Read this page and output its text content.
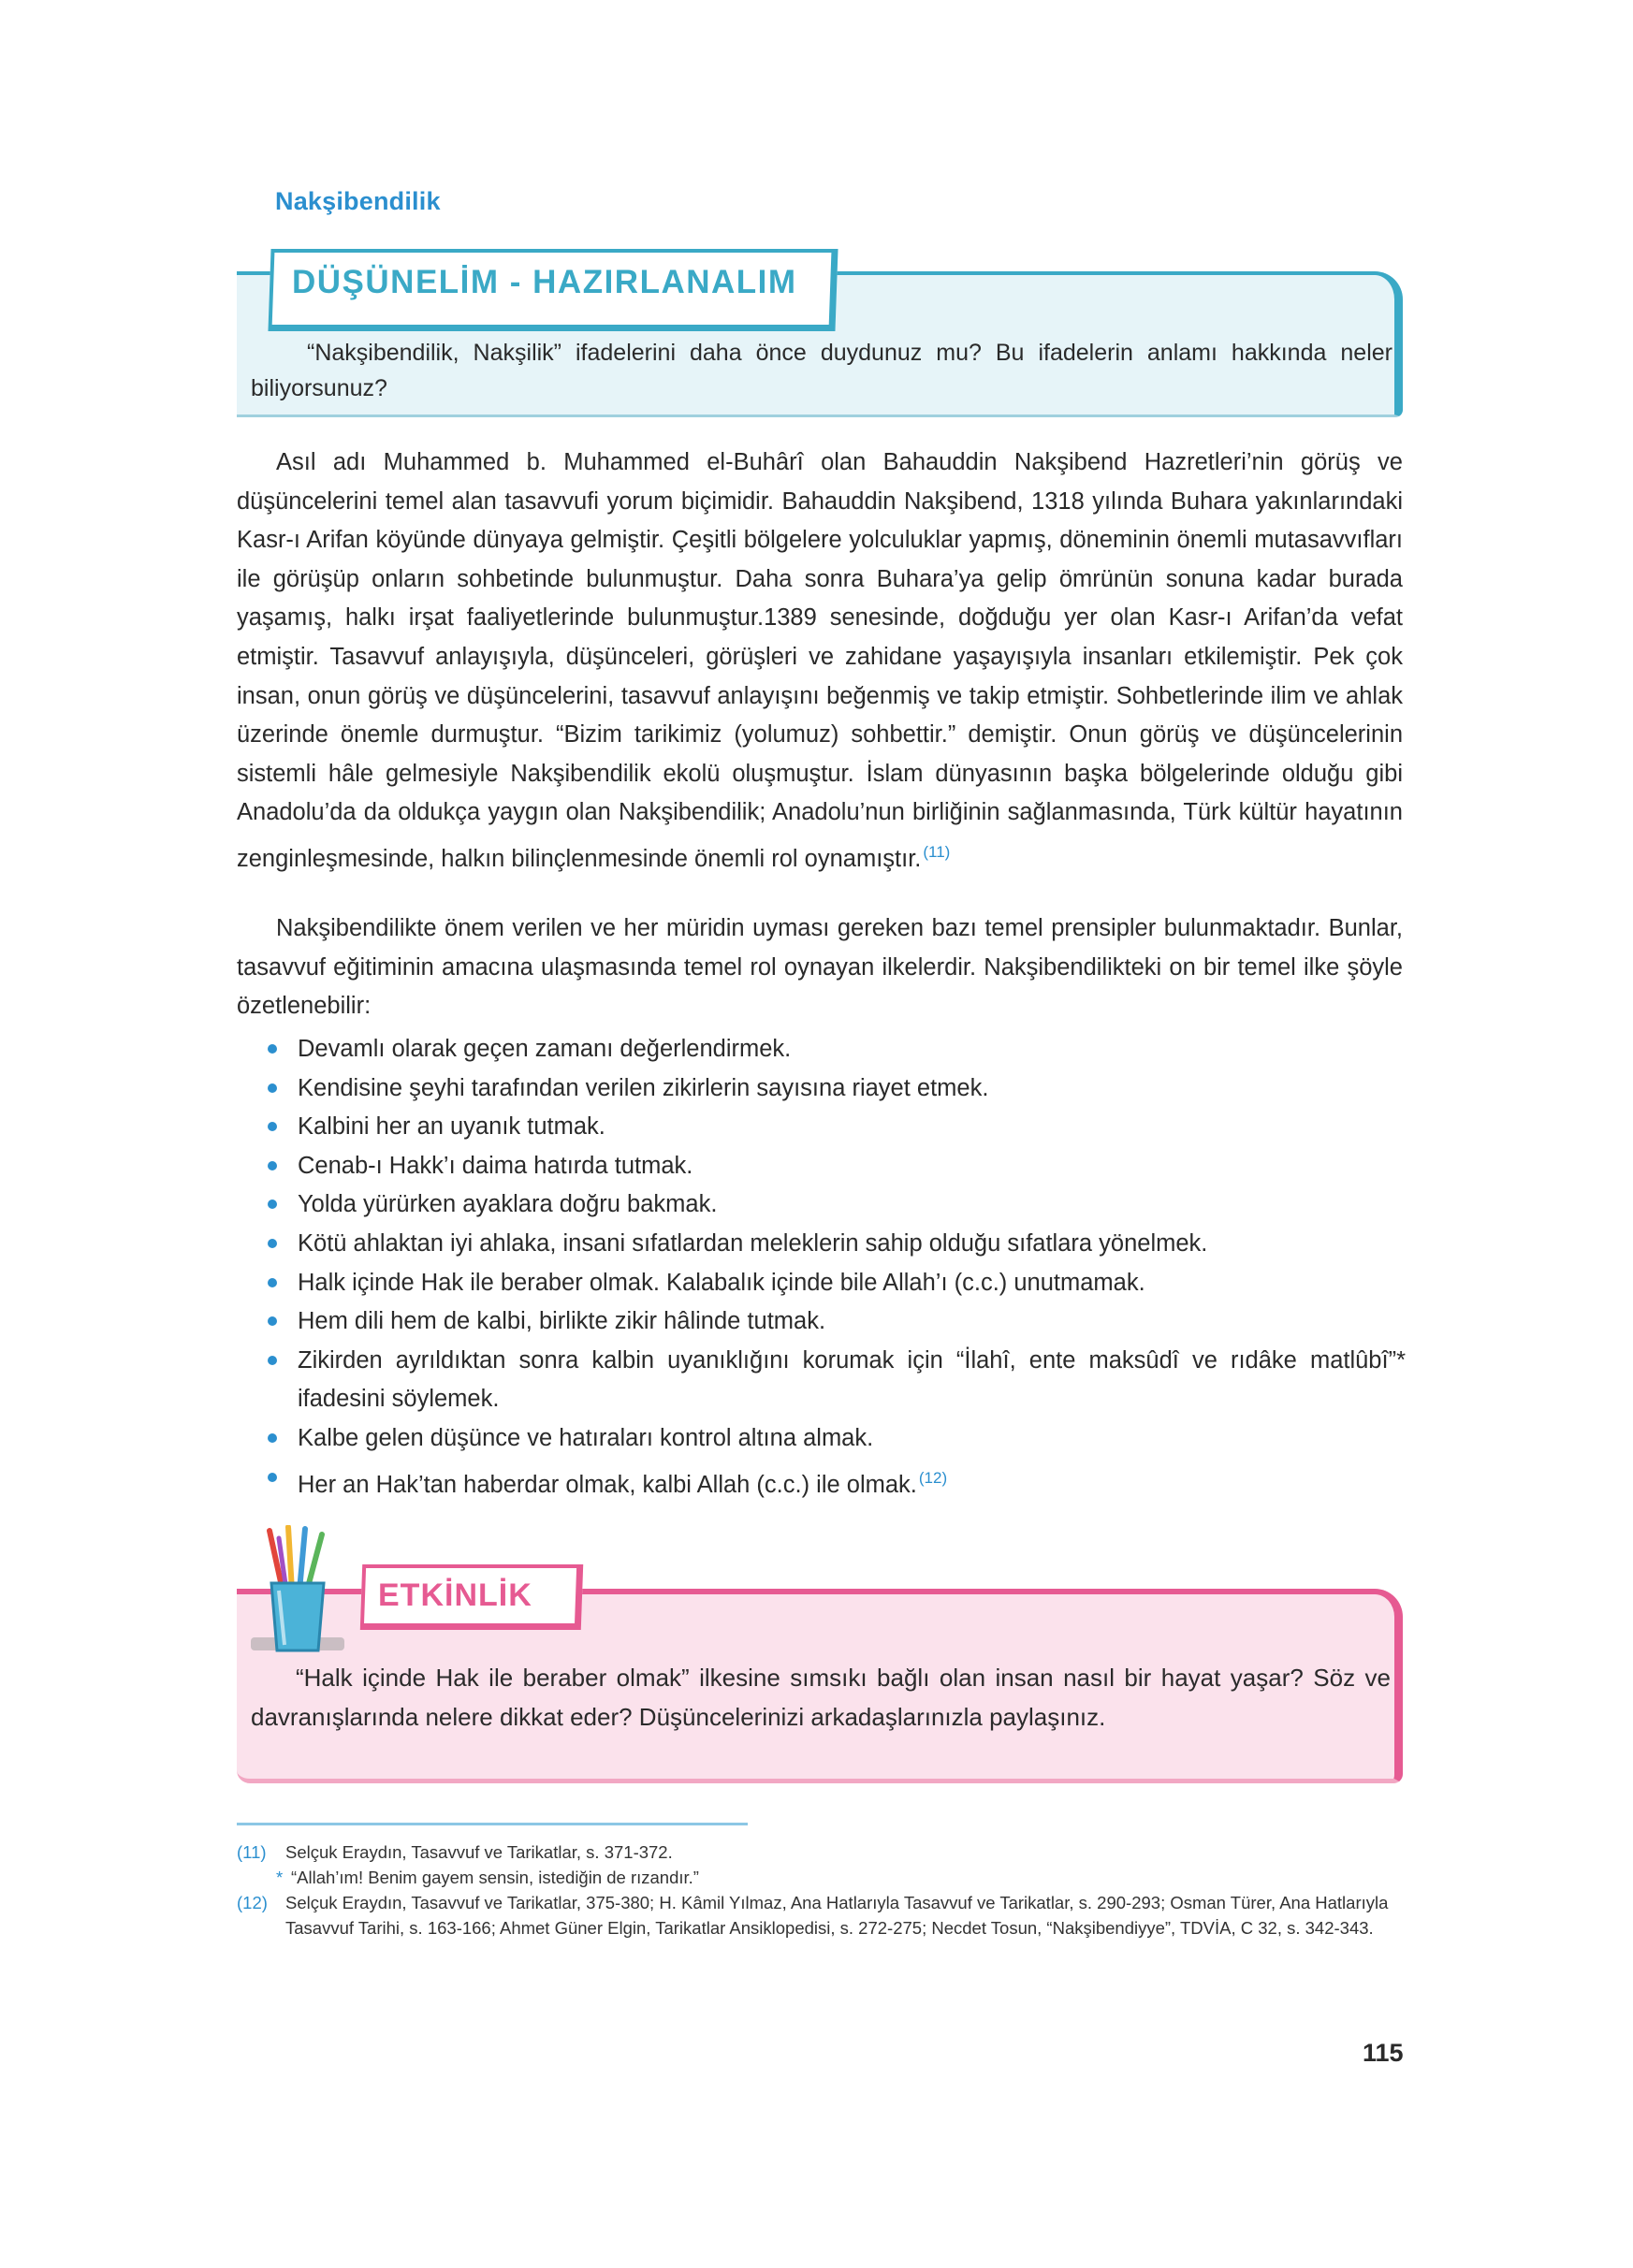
Nakşibendilik
DÜŞÜNELİM - HAZIRLANALIM
“Nakşibendilik, Nakşilik” ifadelerini daha önce duydunuz mu? Bu ifadelerin anlamı hakkında neler biliyorsunuz?
Asıl adı Muhammed b. Muhammed el-Buhârî olan Bahauddin Nakşibend Hazretleri’nin görüş ve düşüncelerini temel alan tasavvufi yorum biçimidir. Bahauddin Nakşibend, 1318 yılında Buhara yakınlarındaki Kasr-ı Arifan köyünde dünyaya gelmiştir. Çeşitli bölgelere yolculuklar yapmış, döneminin önemli mutasavvıfları ile görüşüp onların sohbetinde bulunmuştur. Daha sonra Buhara’ya gelip ömrünün sonuna kadar burada yaşamış, halkı irşat faaliyetlerinde bulunmuştur.1389 senesinde, doğduğu yer olan Kasr-ı Arifan’da vefat etmiştir. Tasavvuf anlayışıyla, düşünceleri, görüşleri ve zahidane yaşayışıyla insanları etkilemiştir. Pek çok insan, onun görüş ve düşüncelerini, tasavvuf anlayışını beğenmiş ve takip etmiştir. Sohbetlerinde ilim ve ahlak üzerinde önemle durmuştur. “Bizim tarikimiz (yolumuz) sohbettir.” demiştir. Onun görüş ve düşüncelerinin sistemli hâle gelmesiyle Nakşibendilik ekolü oluşmuştur. İslam dünyasının başka bölgelerinde olduğu gibi Anadolu’da da oldukça yaygın olan Nakşibendilik; Anadolu’nun birliğinin sağlanmasında, Türk kültür hayatının zenginleşmesinde, halkın bilinçlenmesinde önemli rol oynamıştır. $^{(11)}$
Nakşibendilikte önem verilen ve her müridin uyması gereken bazı temel prensipler bulunmaktadır. Bunlar, tasavvuf eğitiminin amacına ulaşmasında temel rol oynayan ilkelerdir. Nakşibendilikteki on bir temel ilke şöyle özetlenebilir:
Devamlı olarak geçen zamanı değerlendirmek.
Kendisine şeyhi tarafından verilen zikirlerin sayısına riayet etmek.
Kalbini her an uyanık tutmak.
Cenab-ı Hakk’ı daima hatırda tutmak.
Yolda yürürken ayaklara doğru bakmak.
Kötü ahlaktan iyi ahlaka, insani sıfatlardan meleklerin sahip olduğu sıfatlara yönelmek.
Halk içinde Hak ile beraber olmak. Kalabalık içinde bile Allah’ı (c.c.) unutmamak.
Hem dili hem de kalbi, birlikte zikir hâlinde tutmak.
Zikirden ayrıldıktan sonra kalbin uyanıklığını korumak için “İlahî, ente maksûdî ve rıdâke matlûbî”* ifadesini söylemek.
Kalbe gelen düşünce ve hatıraları kontrol altına almak.
Her an Hak’tan haberdar olmak, kalbi Allah (c.c.) ile olmak. $^{(12)}$
ETKİNLİK
“Halk içinde Hak ile beraber olmak” ilkesine sımsıkı bağlı olan insan nasıl bir hayat yaşar? Söz ve davranışlarında nelere dikkat eder? Düşüncelerinizi arkadaşlarınızla paylaşınız.
(11) Selçuk Eraydın, Tasavvuf ve Tarikatlar, s. 371-372.
* “Allah’ım! Benim gayem sensin, istediğin de rızandır.”
(12) Selçuk Eraydın, Tasavvuf ve Tarikatlar, 375-380; H. Kâmil Yılmaz, Ana Hatlarıyla Tasavvuf ve Tarikatlar, s. 290-293; Osman Türer, Ana Hatlarıyla Tasavvuf Tarihi, s. 163-166; Ahmet Güner Elgin, Tarikatlar Ansiklopedisi, s. 272-275; Necdet Tosun, “Nakşibendiyye”, TDVİA, C 32, s. 342-343.
115
